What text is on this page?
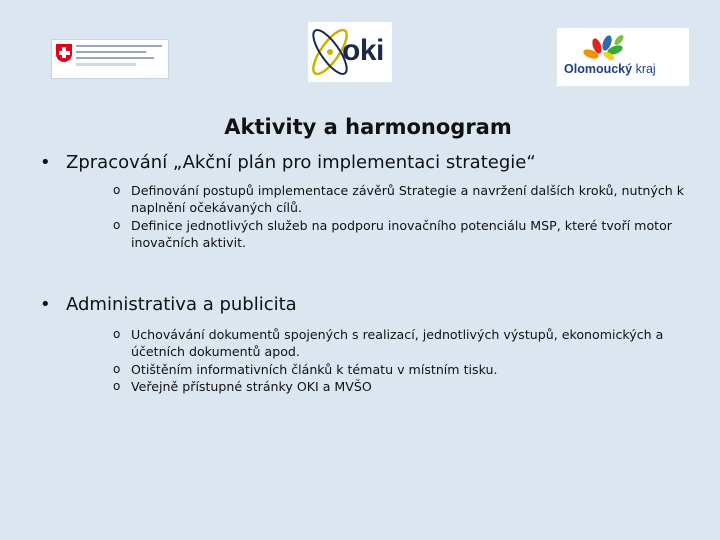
oki
Olomoucký kraj
Aktivity a harmonogram
• Zpracování „Akční plán pro implementaci strategie“
o Definování postupů implementace závěrů Strategie a navržení dalších kroků, nutných k naplnění očekávaných cílů.
o Definice jednotlivých služeb na podporu inovačního potenciálu MSP, které tvoří motor inovačních aktivit.
• Administrativa a publicita
o Uchovávání dokumentů spojených s realizací, jednotlivých výstupů, ekonomických a účetních dokumentů apod.
o Otištěním informativních článků k tématu v místním tisku.
o Veřejně přístupné stránky OKI a MVŠO
